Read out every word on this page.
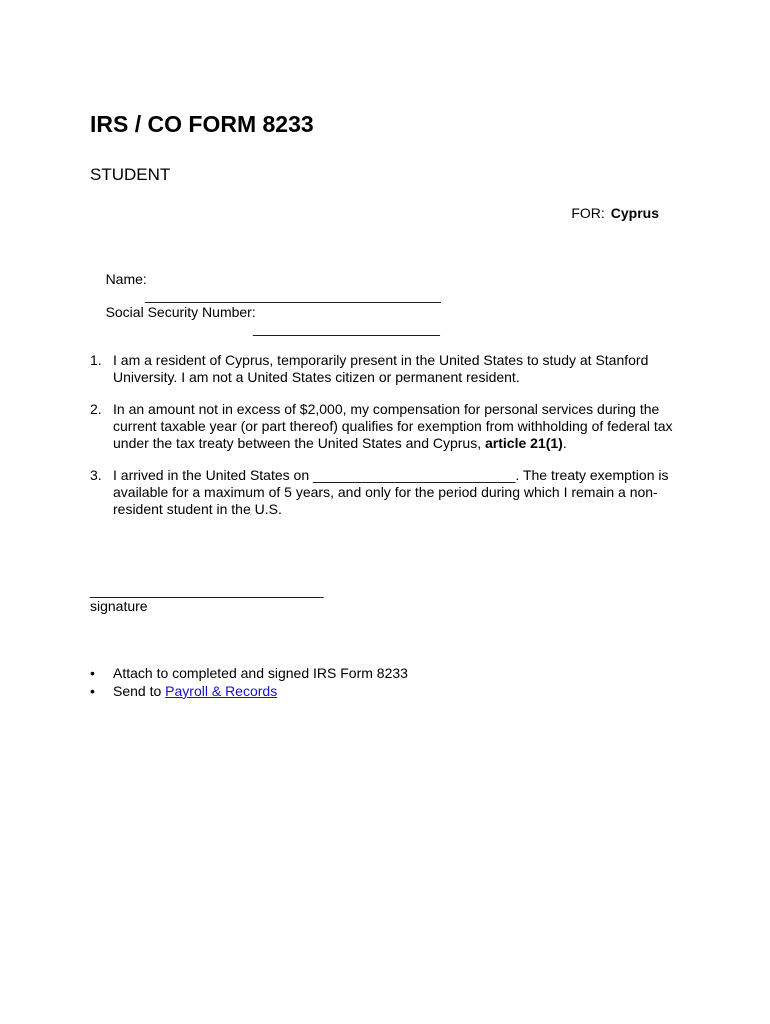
IRS / CO FORM 8233
STUDENT
FOR: Cyprus

Name:

______________________________________

Social Security Number:

________________________

1. I am a resident of Cyprus, temporarily present in the United States to study at Stanford University. I am not a United States citizen or permanent resident.
2. In an amount not in excess of $2,000, my compensation for personal services during the current taxable year (or part thereof) qualifies for exemption from withholding of federal tax under the tax treaty between the United States and Cyprus, article 21(1).
3. I arrived in the United States on __________________________. The treaty exemption is available for a maximum of 5 years, and only for the period during which I remain a non-resident student in the U.S.
______________________________
signature
• Attach to completed and signed IRS Form 8233
• Send to Payroll & Records
